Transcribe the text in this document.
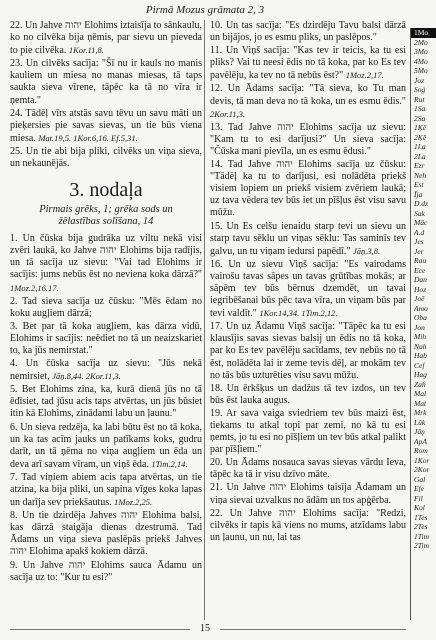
Pirmā Mozus grāmata 2, 3

22. Un Jahve יהוה Elohims iztaisīja to sānkaulu, ko no cilvēka bija ņēmis, par sievu un pieveda to pie cilvēka. 1Kor.11,8.

23. Un cilvēks sacīja: "Šī nu ir kauls no manis kauliem un miesa no manas miesas, tā taps saukta sieva vīrene, tāpēc ka tā no vīra ir ņemta."

24. Tādēļ vīrs atstās savu tēvu un savu māti un pieķersies pie savas sievas, un tie būs viena miesa. Mat.19,5. 1Kor.6,16. Ef.5,31.

25. Un tie abi bija pliki, cilvēks un viņa sieva, un nekaunējās.

3. nodaļa
Pirmais grēks, 1; grēka sods un
žēlastības solīšana, 14

1. Un čūska bija gudrāka uz viltu nekā visi zvēri laukā, ko Jahve יהוה Elohims bija radījis, un tā sacīja uz sievu: "Vai tad Elohims ir sacījis: jums nebūs ēst no neviena koka dārzā?" 1Moz.2,16.17.

2. Tad sieva sacīja uz čūsku: "Mēs ēdam no koku augļiem dārzā;

3. Bet par tā koka augļiem, kas dārza vidū, Elohims ir sacījis: neēdiet no tā un neaizskariet to, ka jūs nemirstat."

4. Un čūska sacīja uz sievu: "Jūs nekā nemirsiet, Jāņ.8,44. 2Kor.11,3.

5. Bet Elohims zina, ka, kurā dienā jūs no tā ēdīsiet, tad jūsu acis taps atvērtas, un jūs būsiet itin kā Elohims, zinādami labu un ļaunu."

6. Un sieva redzēja, ka labi būtu ēst no tā koka, un ka tas acīm jauks un patīkams koks, gudru darīt, un tā ņēma no viņa augļiem un ēda un deva arī savam vīram, un viņš ēda. 1Tim.2,14.

7. Tad viņiem abiem acis tapa atvērtas, un tie atzina, ka bija pliki, un sapina vīges koka lapas un darīja sev priekšautus. 1Moz.2,25.

8. Un tie dzirdēja Jahves יהוה Elohima balsi, kas dārzā staigāja dienas dzestrumā. Tad Ādams un viņa sieva paslēpās priekš Jahves יהוה Elohima apakš kokiem dārzā.

9. Un Jahve יהוה Elohims sauca Ādamu un sacīja uz to: "Kur tu esi?"

10. Un tas sacīja: "Es dzirdēju Tavu balsi dārzā un bijājos, jo es esmu pliks, un paslēpos."

11. Un Viņš sacīja: "Kas tev ir teicis, ka tu esi pliks? Vai tu neesi ēdis no tā koka, par ko Es tev pavēlēju, ka tev no tā nebūs ēst?" 1Moz.2,17.

12. Un Ādams sacīja: "Tā sieva, ko Tu man devis, tā man deva no tā koka, un es esmu ēdis." 2Kor.11,3.

13. Tad Jahve יהוה Elohims sacīja uz sievu: "Kam tu to esi darījusi?" Un sieva sacīja: "Čūska mani pievīla, un es esmu ēdusi."

14. Tad Jahve יהוה Elohims sacīja uz čūsku: "Tādēļ ka tu to darījusi, esi nolādēta priekš visiem lopiem un priekš visiem zvēriem laukā; uz tava vēdera tev būs iet un pīšļus ēst visu savu mūžu.

15. Un Es celšu ienaidu starp tevi un sievu un starp tavu sēklu un viņas sēklu: Tas saminīs tev galvu, un tu viņam iedursi papēdī." Jāņ.3,8.

16. Un uz sievu Viņš sacīja: "Es vairodams vairošu tavas sāpes un tavas grūtības mokās; ar sāpēm tev būs bērnus dzemdēt, un tavai iegribēšanai būs pēc tava vīra, un viņam būs par tevi valdīt." 1Kor.14,34. 1Tim.2,12.

17. Un uz Ādamu Viņš sacīja: "Tāpēc ka tu esi klausījis savas sievas balsij un ēdis no tā koka, par ko Es tev pavēlēju sacīdams, tev nebūs no tā ēst, nolādēta lai ir zeme tevis dēļ, ar mokām tev no tās būs uzturēties visu savu mūžu.

18. Un ērkšķus un dadžus tā tev izdos, un tev būs ēst lauka augus.

19. Ar sava vaiga sviedriem tev būs maizi ēst, tiekams tu atkal topi par zemi, no kā tu esi ņemts, jo tu esi no pīšļiem un tev būs atkal palikt par pīšļiem."

20. Un Ādams nosauca savas sievas vārdu Ieva, tāpēc ka tā ir visu dzīvo māte.

21. Un Jahve יהוה Elohims taisīja Ādamam un viņa sievai uzvalkus no ādām un tos apģērba.

22. Un Jahve יהוה Elohims sacīja: "Redzi, cilvēks ir tapis kā viens no mums, atzīdams labu un ļaunu, un nu, lai tas

1Mo
2Mo
3Mo
4Mo
5Mo
Joz
Soģ
Rut
1Sa
2Sa
1Ķē
2Ķē
1La
2La
Ezr
Neh
Est
Īja
D.dz
Sak
Māc
A.d
Jes
Jer
Rau
Ece
Dan
Hoz
Joē
Amo
Oba
Jon
Mih
Nah
Hab
Cef
Hag
Zah
Mal
Mat
Mrk
Lūk
Jāņ
ApA
Rom
1Kor
2Kor
Gal
Efe
Fil
Kol
1Tes
2Tes
1Tim
2Tim
15
